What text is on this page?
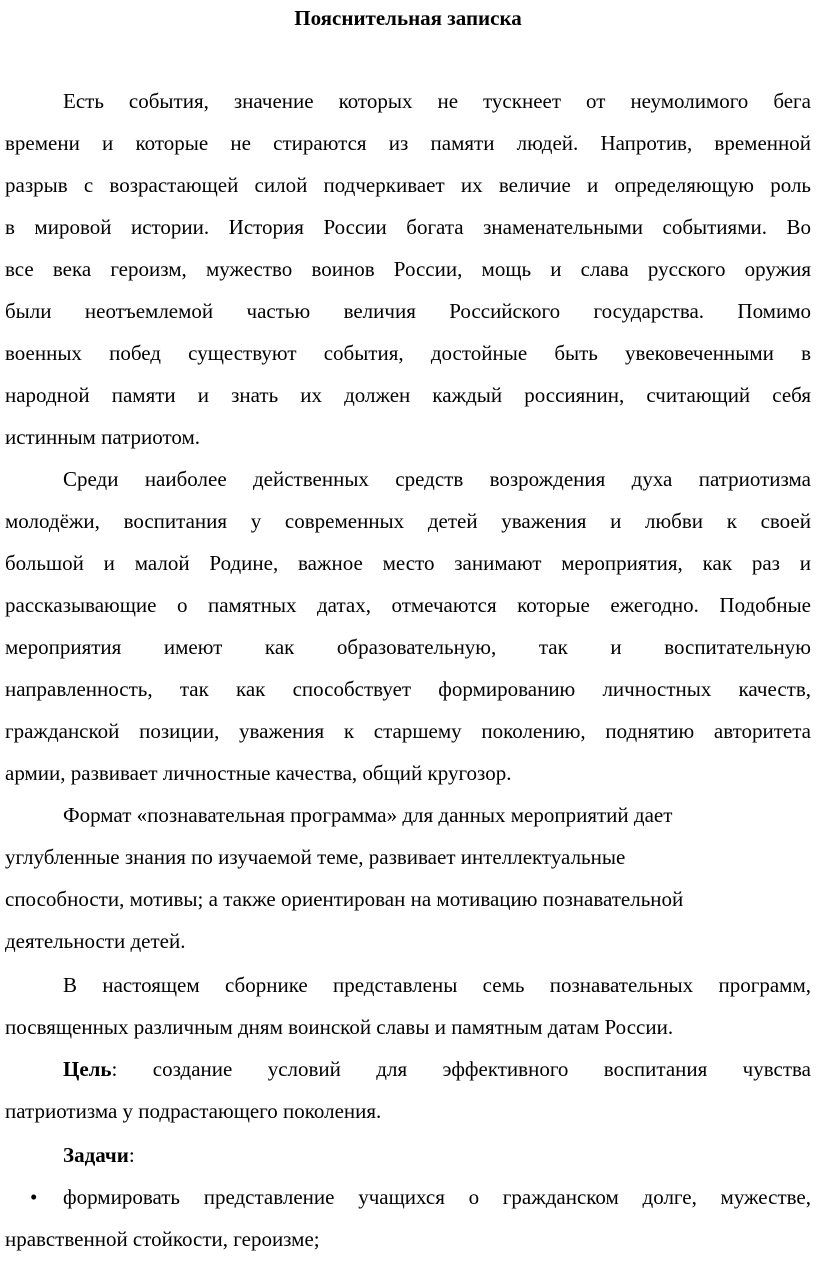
Пояснительная записка
Есть события, значение которых не тускнеет от неумолимого бега
времени и которые не стираются из памяти людей. Напротив, временной
разрыв с возрастающей силой подчеркивает их величие и определяющую роль
в мировой истории. История России богата знаменательными событиями. Во
все века героизм, мужество воинов России, мощь и слава русского оружия
были неотъемлемой частью величия Российского государства. Помимо
военных побед существуют события, достойные быть увековеченными в
народной памяти и знать их должен каждый россиянин, считающий себя
истинным патриотом.
Среди наиболее действенных средств возрождения духа патриотизма
молодёжи, воспитания у современных детей уважения и любви к своей
большой и малой Родине, важное место занимают мероприятия, как раз и
рассказывающие о памятных датах, отмечаются которые ежегодно. Подобные
мероприятия имеют как образовательную, так и воспитательную
направленность, так как способствует формированию личностных качеств,
гражданской позиции, уважения к старшему поколению, поднятию авторитета
армии, развивает личностные качества, общий кругозор.
Формат «познавательная программа» для данных мероприятий дает
углубленные знания по изучаемой теме, развивает интеллектуальные
способности, мотивы; а также ориентирован на мотивацию познавательной
деятельности детей.
В настоящем сборнике представлены семь познавательных программ,
посвященных различным дням воинской славы и памятным датам России.
Цель: создание условий для эффективного воспитания чувства
патриотизма у подрастающего поколения.
Задачи:
• формировать представление учащихся о гражданском долге, мужестве,
нравственной стойкости, героизме;
